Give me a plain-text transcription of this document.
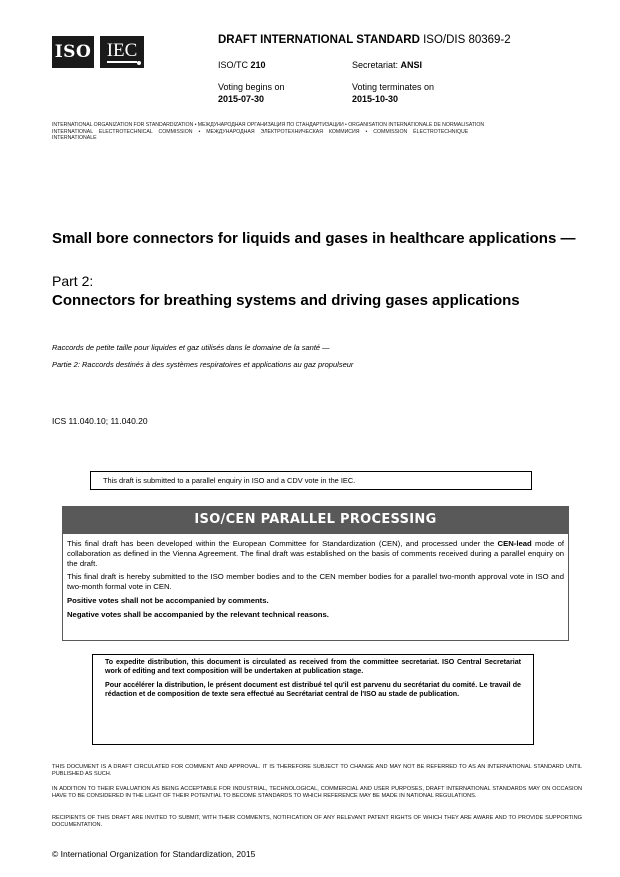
ISO IEC	DRAFT INTERNATIONAL STANDARD ISO/DIS 80369-2
ISO/TC 210	Secretariat: ANSI
Voting begins on
2015-07-30
Voting terminates on
2015-10-30
INTERNATIONAL ORGANIZATION FOR STANDARDIZATION • МЕЖДУНАРОДНАЯ ОРГАНИЗАЦИЯ ПО СТАНДАРТИЗАЦИИ • ORGANISATION INTERNATIONALE DE NORMALISATION
INTERNATIONAL ELECTROTECHNICAL COMMISSION • МЕЖДУНАРОДНАЯ ЭЛЕКТРОТЕХНИЧЕСКАЯ КОММИСИЯ • COMMISSION ÉLECTROTECHNIQUE
INTERNATIONALE
Small bore connectors for liquids and gases in healthcare applications —
Part 2:
Connectors for breathing systems and driving gases applications
Raccords de petite taille pour liquides et gaz utilisés dans le domaine de la santé —
Partie 2: Raccords destinés à des systèmes respiratoires et applications au gaz propulseur
ICS 11.040.10; 11.040.20
This draft is submitted to a parallel enquiry in ISO and a CDV vote in the IEC.
ISO/CEN PARALLEL PROCESSING

This final draft has been developed within the European Committee for Standardization (CEN), and processed under the CEN-lead mode of collaboration as defined in the Vienna Agreement. The final draft was established on the basis of comments received during a parallel enquiry on the draft.

This final draft is hereby submitted to the ISO member bodies and to the CEN member bodies for a parallel two-month approval vote in ISO and two-month formal vote in CEN.

Positive votes shall not be accompanied by comments.

Negative votes shall be accompanied by the relevant technical reasons.

To expedite distribution, this document is circulated as received from the committee secretariat. ISO Central Secretariat work of editing and text composition will be undertaken at publication stage.

Pour accélérer la distribution, le présent document est distribué tel qu'il est parvenu du secrétariat du comité. Le travail de rédaction et de composition de texte sera effectué au Secrétariat central de l'ISO au stade de publication.

THIS DOCUMENT IS A DRAFT CIRCULATED FOR COMMENT AND APPROVAL. IT IS THEREFORE SUBJECT TO CHANGE AND MAY NOT BE REFERRED TO AS AN INTERNATIONAL STANDARD UNTIL PUBLISHED AS SUCH.
IN ADDITION TO THEIR EVALUATION AS BEING ACCEPTABLE FOR INDUSTRIAL, TECHNOLOGICAL, COMMERCIAL AND USER PURPOSES, DRAFT INTERNATIONAL STANDARDS MAY ON OCCASION HAVE TO BE CONSIDERED IN THE LIGHT OF THEIR POTENTIAL TO BECOME STANDARDS TO WHICH REFERENCE MAY BE MADE IN NATIONAL REGULATIONS.
RECIPIENTS OF THIS DRAFT ARE INVITED TO SUBMIT, WITH THEIR COMMENTS, NOTIFICATION OF ANY RELEVANT PATENT RIGHTS OF WHICH THEY ARE AWARE AND TO PROVIDE SUPPORTING DOCUMENTATION.
© International Organization for Standardization, 2015
